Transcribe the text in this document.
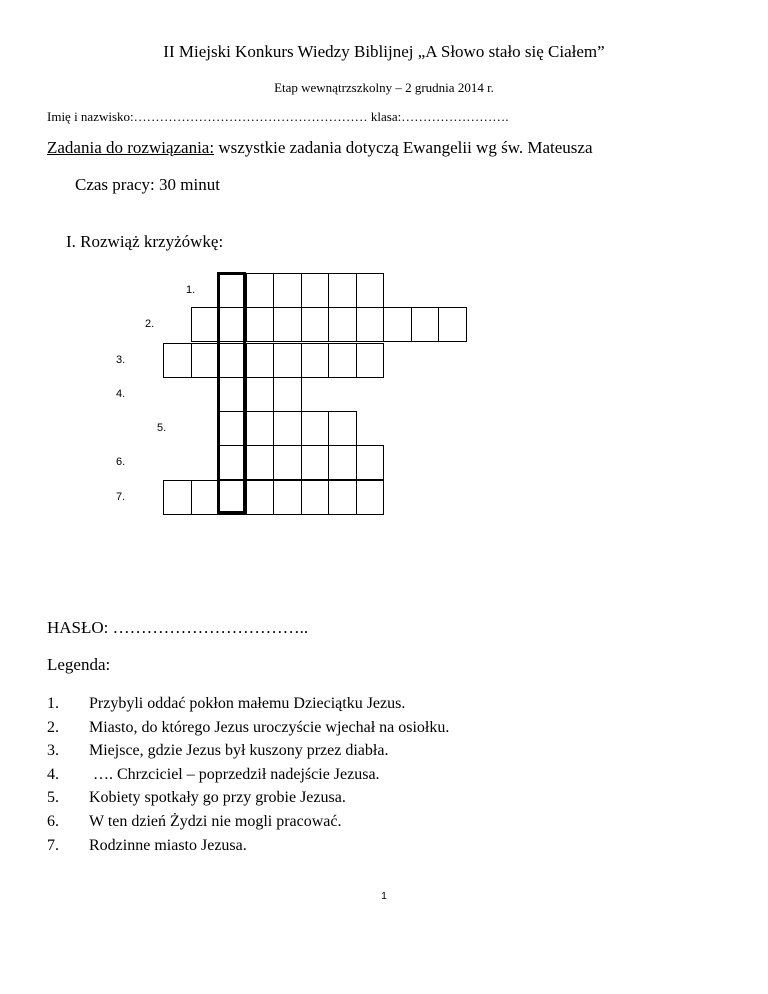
II Miejski Konkurs Wiedzy Biblijnej „A Słowo stało się Ciałem”
Etap wewnątrzszkolny – 2 grudnia 2014 r.
Imię i nazwisko:……………………………………………… klasa:…………………….
Zadania do rozwiązania: wszystkie zadania dotyczą Ewangelii wg św. Mateusza
Czas pracy: 30 minut
I. Rozwiąż krzyżówkę:
1.
2.
3.
4.
5.
6.
7.
HASŁO: ……………………………..
Legenda:
1. Przybyli oddać pokłon małemu Dzieciątku Jezus.
2. Miasto, do którego Jezus uroczyście wjechał na osiołku.
3. Miejsce, gdzie Jezus był kuszony przez diabła.
4. …. Chrzciciel – poprzedził nadejście Jezusa.
5. Kobiety spotkały go przy grobie Jezusa.
6. W ten dzień Żydzi nie mogli pracować.
7. Rodzinne miasto Jezusa.
1
